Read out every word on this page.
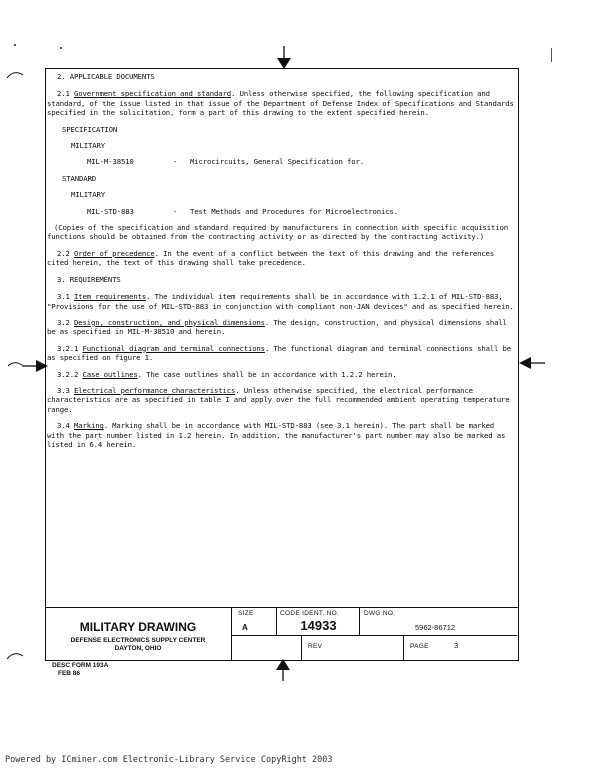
2. APPLICABLE DOCUMENTS

2.1 Government specification and standard. Unless otherwise specified, the following specification and standard, of the issue listed in that issue of the Department of Defense Index of Specifications and Standards specified in the solicitation, form a part of this drawing to the extent specified herein.

SPECIFICATION

MILITARY

MIL-M-38510	-	Microcircuits, General Specification for.

STANDARD

MILITARY

MIL-STD-883	-	Test Methods and Procedures for Microelectronics.

(Copies of the specification and standard required by manufacturers in connection with specific acquisition functions should be obtained from the contracting activity or as directed by the contracting activity.)

2.2 Order of precedence. In the event of a conflict between the text of this drawing and the references cited herein, the text of this drawing shall take precedence.

3. REQUIREMENTS

3.1 Item requirements. The individual item requirements shall be in accordance with 1.2.1 of MIL-STD-883, "Provisions for the use of MIL-STD-883 in conjunction with compliant non-JAN devices" and as specified herein.

3.2 Design, construction, and physical dimensions. The design, construction, and physical dimensions shall be as specified in MIL-M-38510 and herein.

3.2.1 Functional diagram and terminal connections. The functional diagram and terminal connections shall be as specified on figure 1.

3.2.2 Case outlines. The case outlines shall be in accordance with 1.2.2 herein.

3.3 Electrical performance characteristics. Unless otherwise specified, the electrical performance characteristics are as specified in table I and apply over the full recommended ambient operating temperature range.

3.4 Marking. Marking shall be in accordance with MIL-STD-883 (see 3.1 herein). The part shall be marked with the part number listed in 1.2 herein. In addition, the manufacturer's part number may also be marked as listed in 6.4 herein.

MILITARY DRAWING
DEFENSE ELECTRONICS SUPPLY CENTER
DAYTON, OHIO
SIZE
A
CODE IDENT. NO.
14933
DWG NO.
5962-86712
REV	PAGE	3
DESC FORM 193A
FEB 86
Powered by ICminer.com Electronic-Library Service CopyRight 2003
